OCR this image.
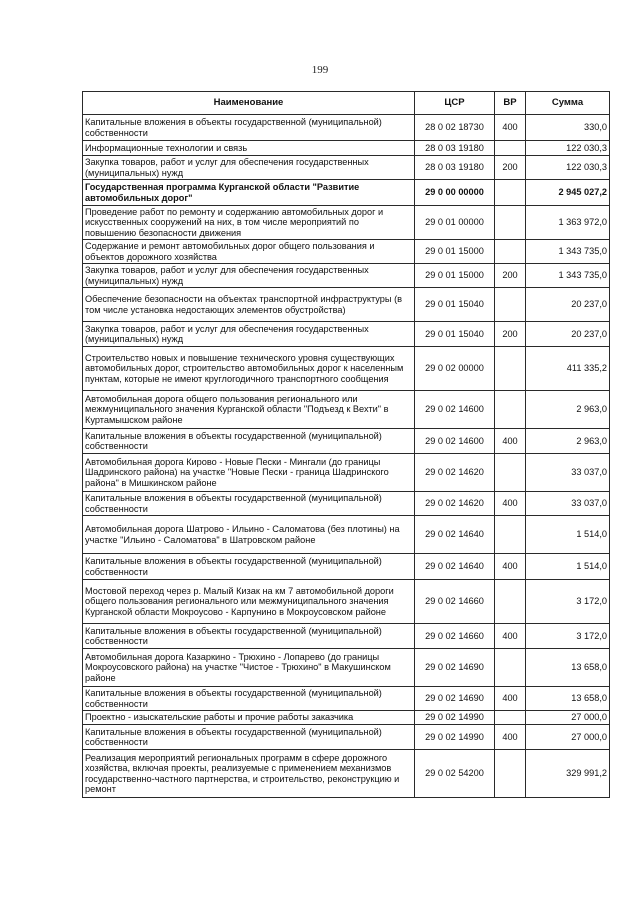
199
Наименование	ЦСР	ВР	Сумма
Капитальные вложения в объекты государственной (муниципальной) собственности	28 0 02 18730	400	330,0
Информационные технологии и связь	28 0 03 19180		122 030,3
Закупка товаров, работ и услуг для обеспечения государственных (муниципальных) нужд	28 0 03 19180	200	122 030,3
Государственная программа Курганской области "Развитие автомобильных дорог"	29 0 00 00000		2 945 027,2
Проведение работ по ремонту и содержанию автомобильных дорог и искусственных сооружений на них, в том числе мероприятий по повышению безопасности движения	29 0 01 00000		1 363 972,0
Содержание и ремонт автомобильных дорог общего пользования и объектов дорожного хозяйства	29 0 01 15000		1 343 735,0
Закупка товаров, работ и услуг для обеспечения государственных (муниципальных) нужд	29 0 01 15000	200	1 343 735,0
Обеспечение безопасности на объектах транспортной инфраструктуры (в том числе установка недостающих элементов обустройства)	29 0 01 15040		20 237,0
Закупка товаров, работ и услуг для обеспечения государственных (муниципальных) нужд	29 0 01 15040	200	20 237,0
Строительство новых и повышение технического уровня существующих автомобильных дорог, строительство автомобильных дорог к населенным пунктам, которые не имеют круглогодичного транспортного сообщения	29 0 02 00000		411 335,2
Автомобильная дорога общего пользования регионального или межмуниципального значения Курганской области "Подъезд к Вехти" в Куртамышском районе	29 0 02 14600		2 963,0
Капитальные вложения в объекты государственной (муниципальной) собственности	29 0 02 14600	400	2 963,0
Автомобильная дорога Кирово - Новые Пески - Мингали (до границы Шадринского района) на участке "Новые Пески - граница Шадринского района" в Мишкинском районе	29 0 02 14620		33 037,0
Капитальные вложения в объекты государственной (муниципальной) собственности	29 0 02 14620	400	33 037,0
Автомобильная дорога Шатрово - Ильино - Саломатова (без плотины) на участке "Ильино - Саломатова" в Шатровском районе	29 0 02 14640		1 514,0
Капитальные вложения в объекты государственной (муниципальной) собственности	29 0 02 14640	400	1 514,0
Мостовой переход через р. Малый Кизак на км 7 автомобильной дороги общего пользования регионального или межмуниципального значения Курганской области Мокроусово - Карпунино в Мокроусовском районе	29 0 02 14660		3 172,0
Капитальные вложения в объекты государственной (муниципальной) собственности	29 0 02 14660	400	3 172,0
Автомобильная дорога Казаркино - Трюхино - Лопарево (до границы Мокроусовского района) на участке "Чистое - Трюхино" в Макушинском районе	29 0 02 14690		13 658,0
Капитальные вложения в объекты государственной (муниципальной) собственности	29 0 02 14690	400	13 658,0
Проектно - изыскательские работы и прочие работы заказчика	29 0 02 14990		27 000,0
Капитальные вложения в объекты государственной (муниципальной) собственности	29 0 02 14990	400	27 000,0
Реализация мероприятий региональных программ в сфере дорожного хозяйства, включая проекты, реализуемые с применением механизмов государственно-частного партнерства, и строительство, реконструкцию и ремонт	29 0 02 54200		329 991,2
